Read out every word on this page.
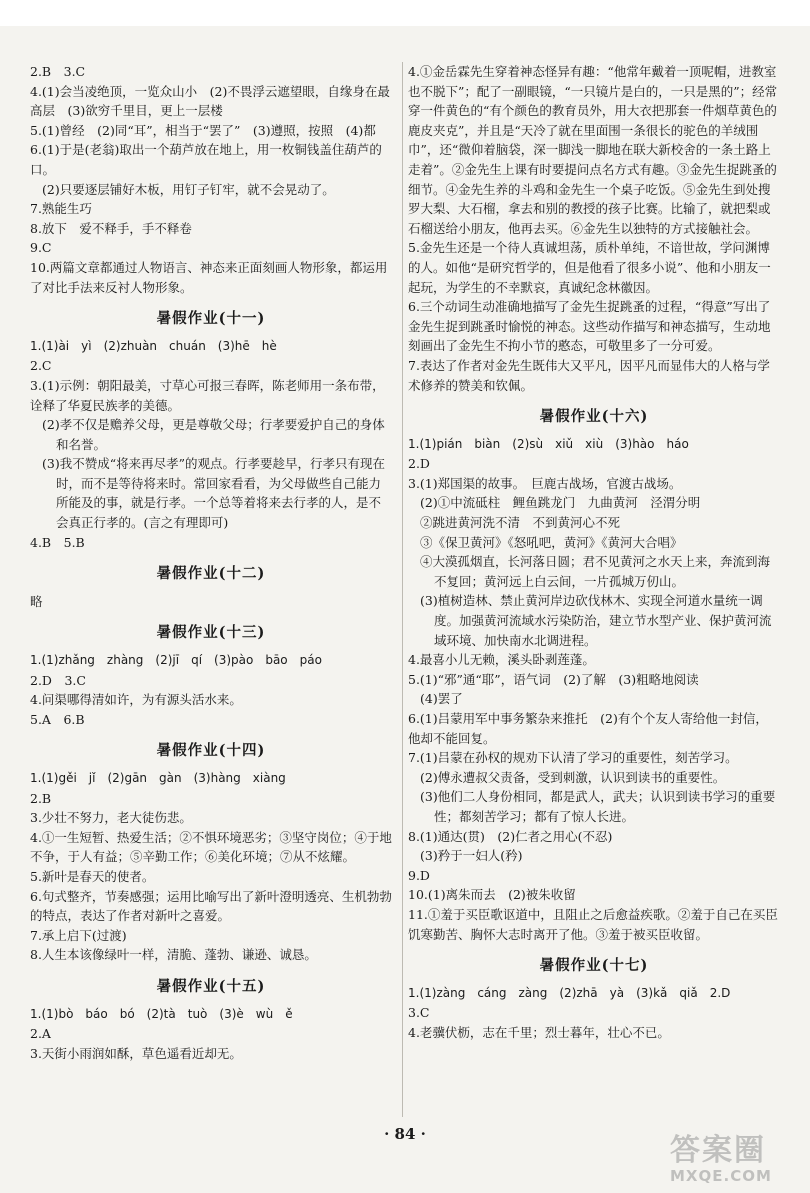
2.B　3.C

4.(1)会当凌绝顶，一览众山小　(2)不畏浮云遮望眼，自缘身在最高层　(3)欲穷千里目，更上一层楼

5.(1)曾经　(2)同“耳”，相当于“罢了”　(3)遵照，按照　(4)都

6.(1)于是(老翁)取出一个葫芦放在地上，用一枚铜钱盖住葫芦的口。

(2)只要逐层铺好木板，用钉子钉牢，就不会晃动了。

7.熟能生巧

8.放下　爱不释手，手不释卷

9.C

10.两篇文章都通过人物语言、神态来正面刻画人物形象，都运用了对比手法来反衬人物形象。

暑假作业(十一)

1.(1)ài　yì　(2)zhuàn　chuán　(3)hē　hè

2.C

3.(1)示例：朝阳最美，寸草心可报三春晖，陈老师用一条布带，诠释了华夏民族孝的美德。

(2)孝不仅是赡养父母，更是尊敬父母；行孝要爱护自己的身体和名誉。

(3)我不赞成“将来再尽孝”的观点。行孝要趁早，行孝只有现在时，而不是等待将来时。常回家看看，为父母做些自己能力所能及的事，就是行孝。一个总等着将来去行孝的人，是不会真正行孝的。(言之有理即可)

4.B　5.B

暑假作业(十二)

略

暑假作业(十三)

1.(1)zhǎng　zhàng　(2)jī　qí　(3)pào　bāo　páo

2.D　3.C

4.问渠哪得清如许，为有源头活水来。

5.A　6.B

暑假作业(十四)

1.(1)gěi　jǐ　(2)gān　gàn　(3)hàng　xiàng

2.B

3.少壮不努力，老大徒伤悲。

4.①一生短暂、热爱生活；②不惧环境恶劣；③坚守岗位；④于地不争，于人有益；⑤辛勤工作；⑥美化环境；⑦从不炫耀。

5.新叶是春天的使者。

6.句式整齐，节奏感强；运用比喻写出了新叶澄明透亮、生机勃勃的特点，表达了作者对新叶之喜爱。

7.承上启下(过渡)

8.人生本该像绿叶一样，清脆、蓬勃、谦逊、诚恳。

暑假作业(十五)

1.(1)bò　báo　bó　(2)tà　tuò　(3)è　wù　ě

2.A

3.天街小雨润如酥，草色遥看近却无。

4.①金岳霖先生穿着神态怪异有趣：“他常年戴着一顶呢帽，进教室也不脱下”；配了一副眼镜，“一只镜片是白的，一只是黑的”；经常穿一件黄色的“有个颜色的教育员外，用大衣把那套一件烟草黄色的鹿皮夹克”，并且是“天冷了就在里面围一条很长的驼色的羊绒围巾”，还“微仰着脑袋，深一脚浅一脚地在联大新校舍的一条土路上走着”。②金先生上课有时要提问点名方式有趣。③金先生捉跳蚤的细节。④金先生养的斗鸡和金先生一个桌子吃饭。⑤金先生到处搜罗大梨、大石榴，拿去和别的教授的孩子比赛。比输了，就把梨或石榴送给小朋友，他再去买。⑥金先生以独特的方式接触社会。

5.金先生还是一个待人真诚坦荡，质朴单纯，不谙世故，学问渊博的人。如他“是研究哲学的，但是他看了很多小说”、他和小朋友一起玩，为学生的不幸默哀，真诚纪念林徽因。

6.三个动词生动准确地描写了金先生捉跳蚤的过程，“得意”写出了金先生捉到跳蚤时愉悦的神态。这些动作描写和神态描写，生动地刻画出了金先生不拘小节的憨态，可敬里多了一分可爱。

7.表达了作者对金先生既伟大又平凡，因平凡而显伟大的人格与学术修养的赞美和钦佩。

暑假作业(十六)

1.(1)pián　biàn　(2)sù　xiǔ　xiù　(3)hào　háo

2.D

3.(1)郑国渠的故事。　巨鹿古战场，官渡古战场。

(2)①中流砥柱　鲤鱼跳龙门　九曲黄河　泾渭分明

②跳进黄河洗不清　不到黄河心不死

③《保卫黄河》《怒吼吧，黄河》《黄河大合唱》

④大漠孤烟直，长河落日圆；君不见黄河之水天上来，奔流到海不复回；黄河远上白云间，一片孤城万仞山。

(3)植树造林、禁止黄河岸边砍伐林木、实现全河道水量统一调度。加强黄河流域水污染防治，建立节水型产业、保护黄河流域环境、加快南水北调进程。

4.最喜小儿无赖，溪头卧剥莲蓬。

5.(1)“邪”通“耶”，语气词　(2)了解　(3)粗略地阅读

(4)罢了

6.(1)吕蒙用军中事务繁杂来推托　(2)有个个友人寄给他一封信，他却不能回复。

7.(1)吕蒙在孙权的规劝下认清了学习的重要性，刻苦学习。

(2)傅永遭叔父责备，受到刺激，认识到读书的重要性。

(3)他们二人身份相同，都是武人，武夫；认识到读书学习的重要性；都刻苦学习；都有了惊人长进。

8.(1)通达(贯)　(2)仁者之用心(不忍)

(3)矜于一妇人(矜)

9.D

10.(1)离朱而去　(2)被朱收留

11.①羞于买臣歌讴道中，且阻止之后愈益疾歌。②羞于自己在买臣饥寒勤苦、胸怀大志时离开了他。③羞于被买臣收留。

暑假作业(十七)

1.(1)zàng　cáng　zàng　(2)zhā　yà　(3)kǎ　qiǎ　2.D

3.C

4.老骥伏枥，志在千里；烈士暮年，壮心不已。

· 84 ·	答案圈
MXQE.COM
